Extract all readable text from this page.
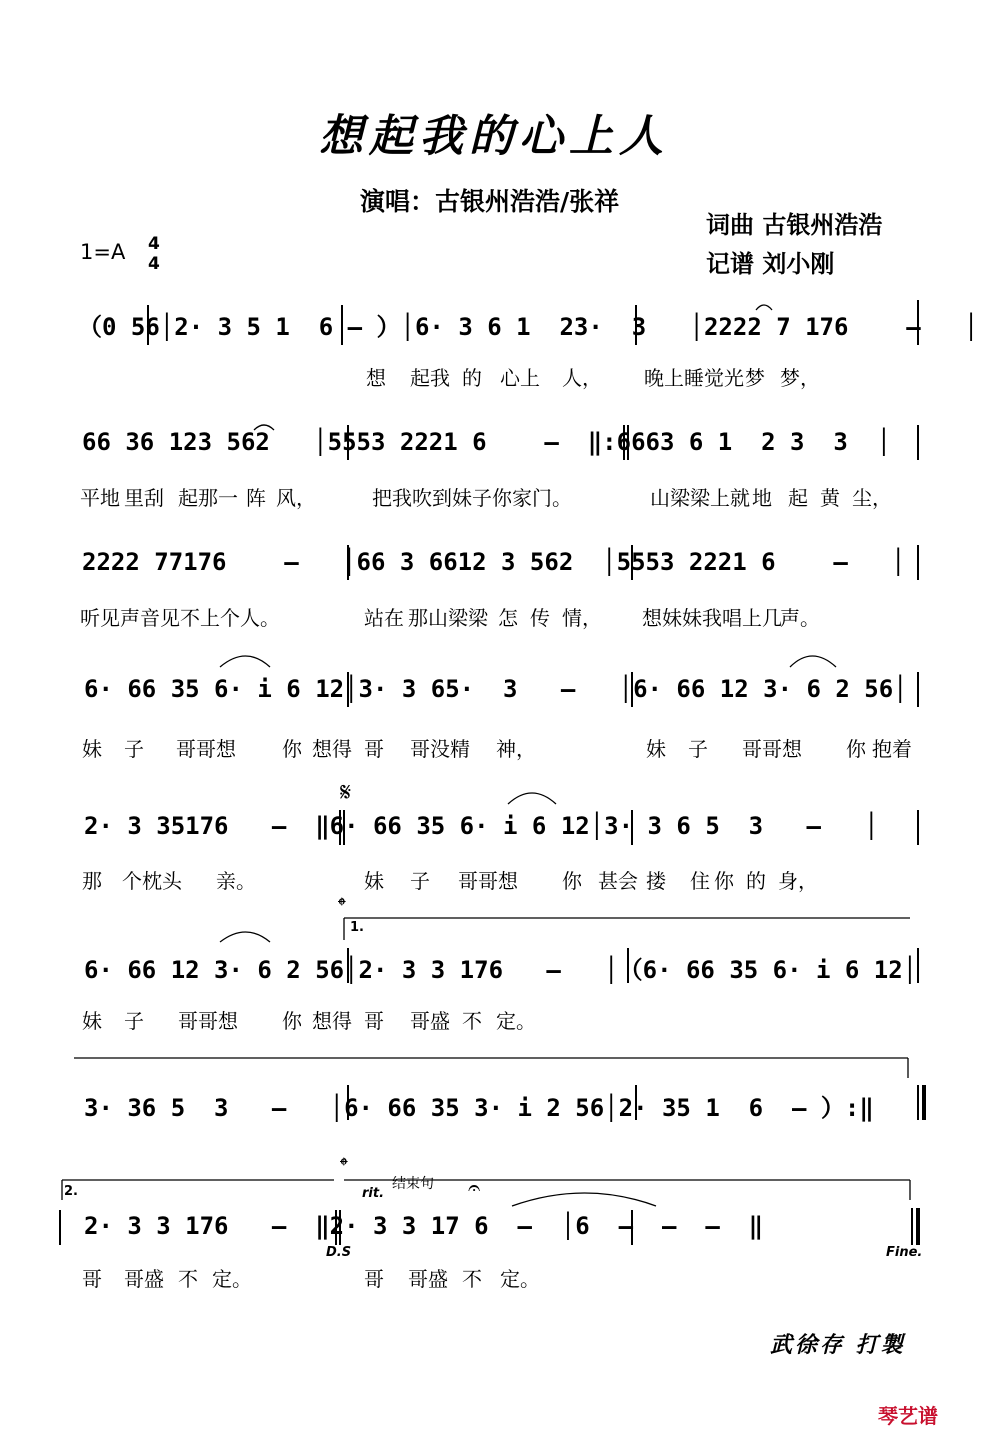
想起我的心上人
演唱：古银州浩浩/张祥
词曲 古银州浩浩
记谱 刘小刚
1=A 4
4
（0 56│2· 3 5 1  6 – ）│6· 3 6 1  23·  3   │2222 7 176    –   │
想 起我 的 心上 人， 晚上睡觉光 梦 梦，
66 36 123 562   │5553 2221 6    –  ‖:6663 6 1  2 3  3  │
平地 里刮 起那一 阵 风，	把我吹到妹子你家门。	山梁梁上就 地 起 黄 尘，
2222 77176    –   │66 3 6612 3 562  │5553 2221 6    –   │
听见声音见不上个人。	站在 那山梁梁 怎 传 情， 想妹妹我唱上几
声。
6· 66 35 6· i 6 12│3· 3 65·  3   –   │6· 66 12 3· 6 2 56│
妹 子 哥哥想 你 想得 哥 哥没精 神，	妹 子 哥哥想 你 抱着
𝄋
2· 3 35176   –  ‖6· 66 35 6· i 6 12│3· 3 6 5  3   –   │
那 个枕头 亲。	妹 子 哥哥想 你 甚会 搂 住 你 的 身，
𝄌
1.
6· 66 12 3· 6 2 56│2· 3 3 176   –   │（6· 66 35 6· i 6 12│
妹 子 哥哥想 你 想得 哥 哥盛 不 定。
3· 36 5  3   –   │6· 66 35 3· i 2 56│2· 35 1  6  – ）:‖
𝄌
2.	rit.
结束句 𝄐
2· 3 3 176   –  ‖2· 3 3 17 6  –  │6  –  –  –  ‖
D.S	Fine.
哥 哥盛 不 定。	哥 哥盛 不 定。
武徐存 打製
琴艺谱
